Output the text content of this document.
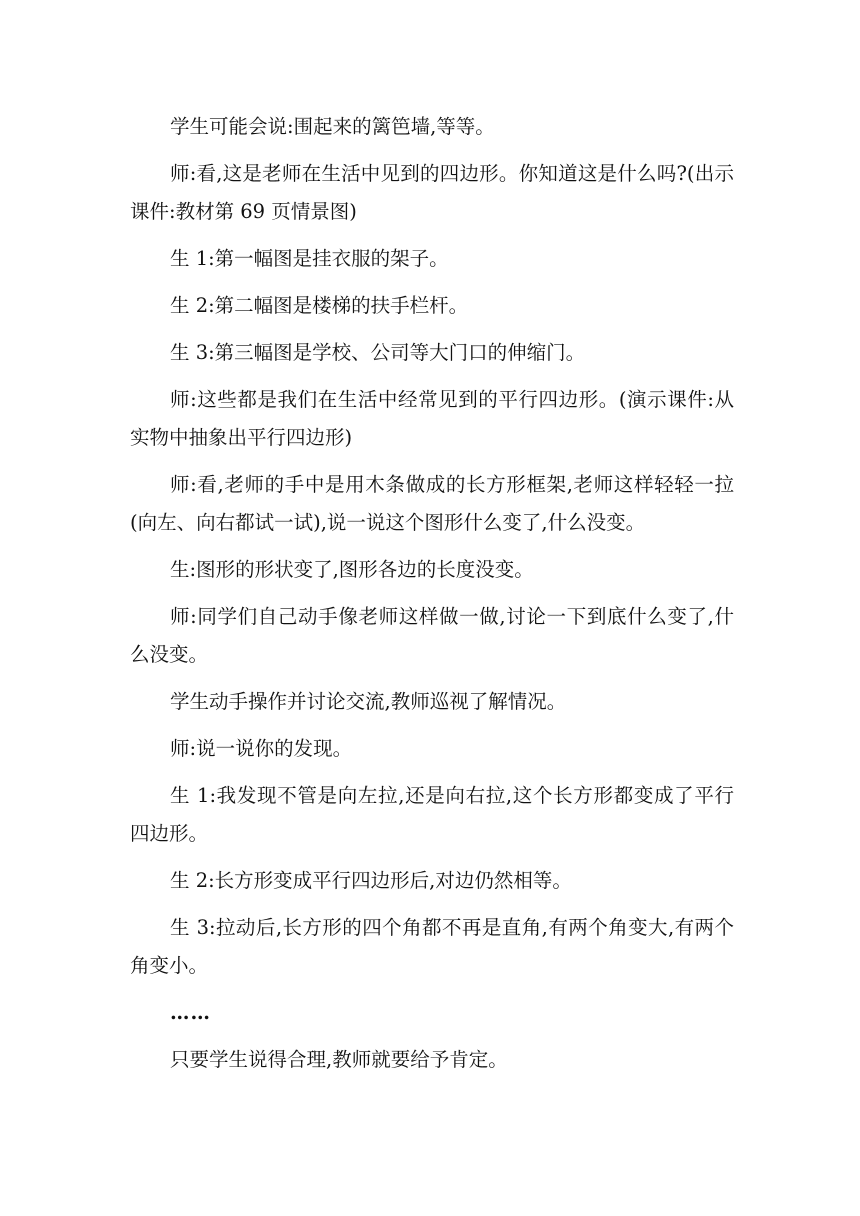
学生可能会说:围起来的篱笆墙,等等。

师:看,这是老师在生活中见到的四边形。你知道这是什么吗?(出示课件:教材第 69 页情景图)

生 1:第一幅图是挂衣服的架子。

生 2:第二幅图是楼梯的扶手栏杆。

生 3:第三幅图是学校、公司等大门口的伸缩门。

师:这些都是我们在生活中经常见到的平行四边形。(演示课件:从实物中抽象出平行四边形)

师:看,老师的手中是用木条做成的长方形框架,老师这样轻轻一拉(向左、向右都试一试),说一说这个图形什么变了,什么没变。

生:图形的形状变了,图形各边的长度没变。

师:同学们自己动手像老师这样做一做,讨论一下到底什么变了,什么没变。

学生动手操作并讨论交流,教师巡视了解情况。

师:说一说你的发现。

生 1:我发现不管是向左拉,还是向右拉,这个长方形都变成了平行四边形。

生 2:长方形变成平行四边形后,对边仍然相等。

生 3:拉动后,长方形的四个角都不再是直角,有两个角变大,有两个角变小。

……

只要学生说得合理,教师就要给予肯定。
